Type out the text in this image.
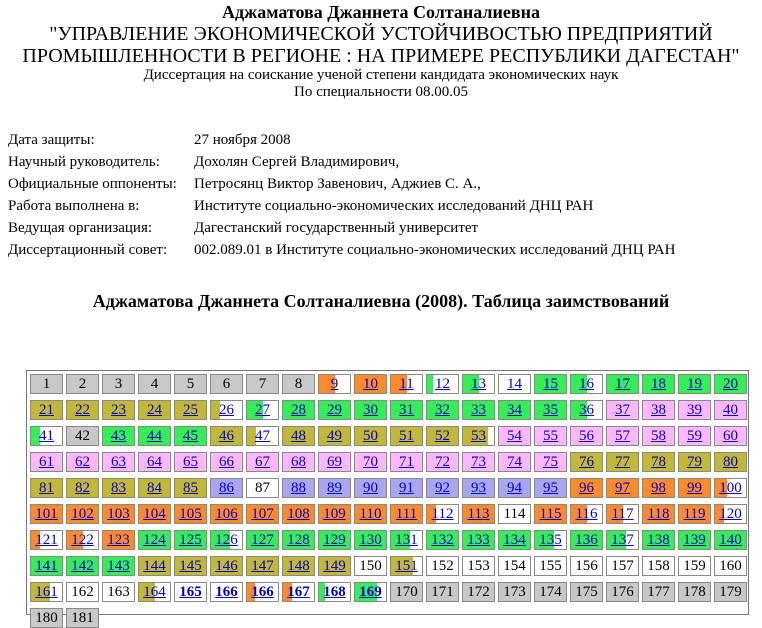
Аджаматова Джаннета Солтаналиевна
"УПРАВЛЕНИЕ ЭКОНОМИЧЕСКОЙ УСТОЙЧИВОСТЬЮ ПРЕДПРИЯТИЙ
ПРОМЫШЛЕННОСТИ В РЕГИОНЕ : НА ПРИМЕРЕ РЕСПУБЛИКИ ДАГЕСТАН"
Диссертация на соискание ученой степени кандидата экономических наук
По специальности 08.00.05
Дата защиты:	27 ноября 2008
Научный руководитель:	Дохолян Сергей Владимирович,
Официальные оппоненты:	Петросянц Виктор Завенович, Аджиев С. А.,
Работа выполнена в:	Институте социально-экономических исследований ДНЦ РАН
Ведущая организация:	Дагестанский государственный университет
Диссертационный совет:	002.089.01 в Институте социально-экономических исследований ДНЦ РАН
Аджаматова Джаннета Солтаналиевна (2008). Таблица заимствований
1	2	3	4	5	6	7	8	9	10	11	12	13	14	15	16	17	18	19	20
21	22	23	24	25	26	27	28	29	30	31	32	33	34	35	36	37	38	39	40
41	42	43	44	45	46	47	48	49	50	51	52	53	54	55	56	57	58	59	60
61	62	63	64	65	66	67	68	69	70	71	72	73	74	75	76	77	78	79	80
81	82	83	84	85	86	87	88	89	90	91	92	93	94	95	96	97	98	99	100
101 102 103 104 105 106 107 108 109 110 111 112 113 114 115 116 117 118 119 120
121 122 123 124 125 126 127 128 129 130 131 132 133 134 135 136 137 138 139 140
141 142 143 144 145 146 147 148 149 150 151 152 153 154 155 156 157 158 159 160
161 162 163 164 165 166 166 167 168 169 170 171 172 173 174 175 176 177 178 179
180 181
